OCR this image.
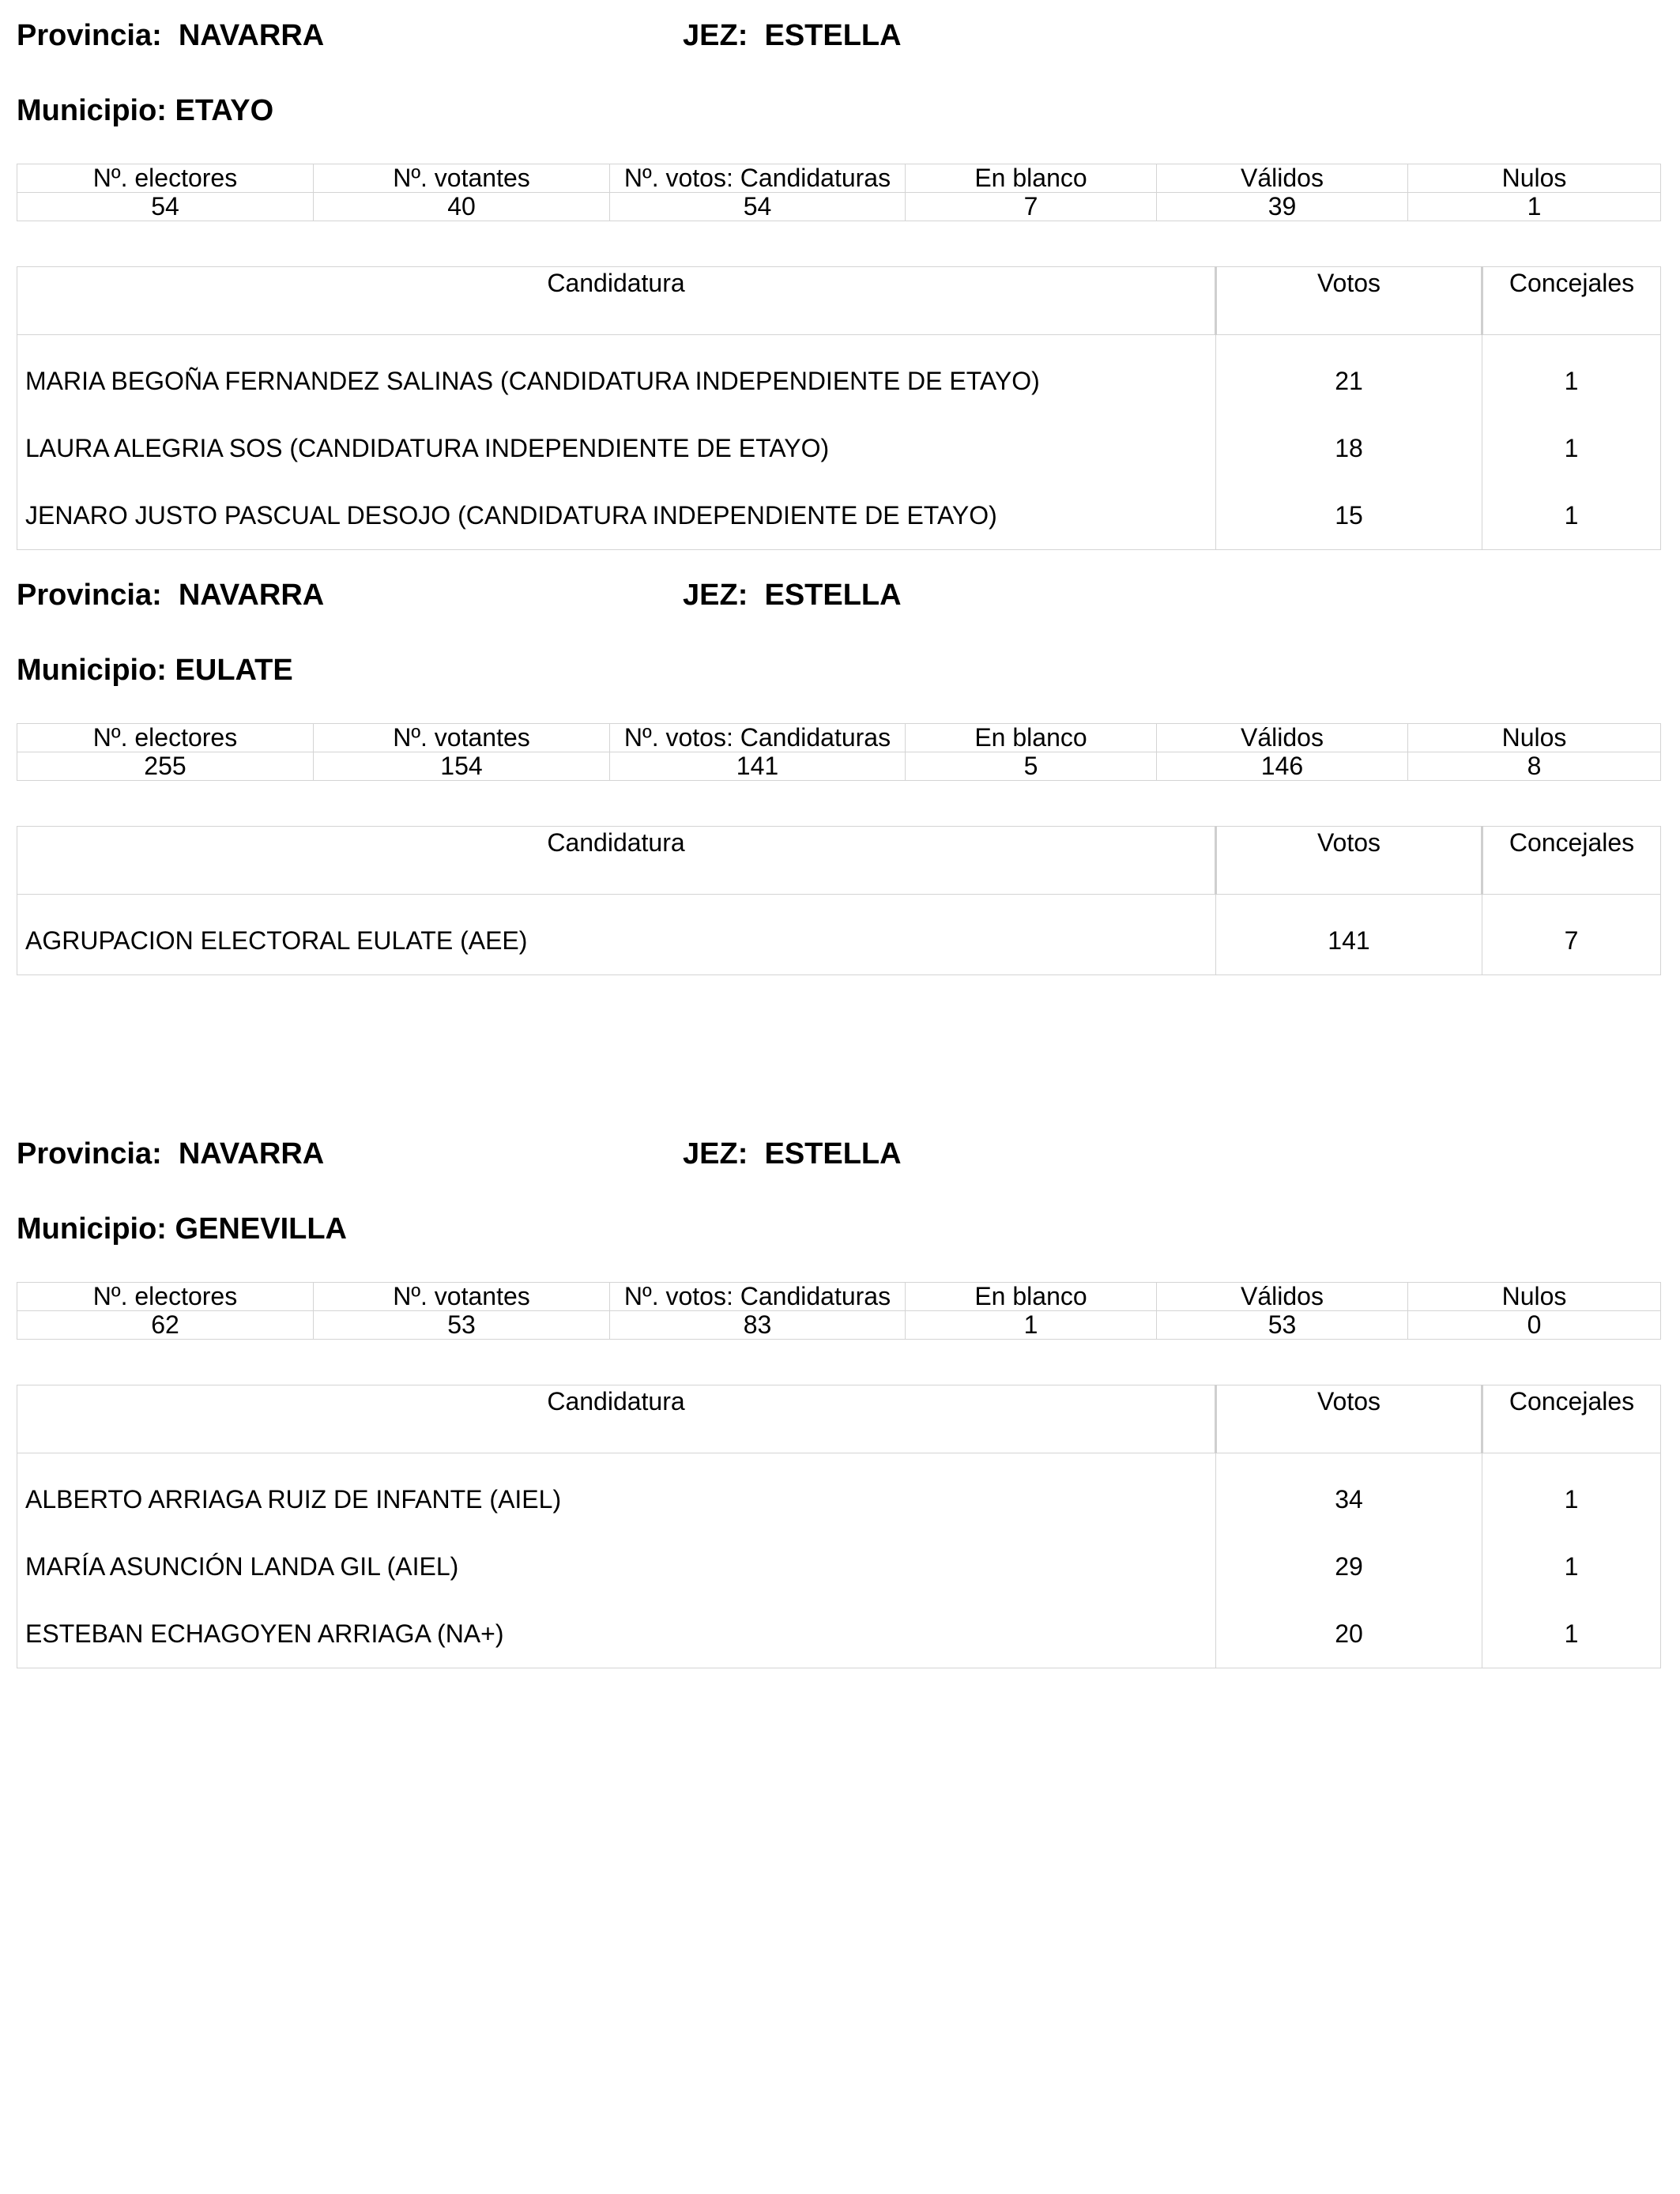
Provincia:  NAVARRA	JEZ:  ESTELLA
Municipio: ETAYO
Nº. electores	Nº. votantes	Nº. votos: Candidaturas	En blanco	Válidos	Nulos
54	40	54	7	39	1
Candidatura	Votos	Concejales
MARIA BEGOÑA FERNANDEZ SALINAS (CANDIDATURA INDEPENDIENTE DE ETAYO)	21	1
LAURA ALEGRIA SOS (CANDIDATURA INDEPENDIENTE DE ETAYO)	18	1
JENARO JUSTO PASCUAL DESOJO (CANDIDATURA INDEPENDIENTE DE ETAYO)	15	1
Provincia:  NAVARRA	JEZ:  ESTELLA
Municipio: EULATE
Nº. electores	Nº. votantes	Nº. votos: Candidaturas	En blanco	Válidos	Nulos
255	154	141	5	146	8
Candidatura	Votos	Concejales
AGRUPACION ELECTORAL EULATE (AEE)	141	7
Provincia:  NAVARRA	JEZ:  ESTELLA
Municipio: GENEVILLA
Nº. electores	Nº. votantes	Nº. votos: Candidaturas	En blanco	Válidos	Nulos
62	53	83	1	53	0
Candidatura	Votos	Concejales
ALBERTO ARRIAGA RUIZ DE INFANTE (AIEL)	34	1
MARÍA ASUNCIÓN LANDA GIL (AIEL)	29	1
ESTEBAN ECHAGOYEN ARRIAGA (NA+)	20	1
